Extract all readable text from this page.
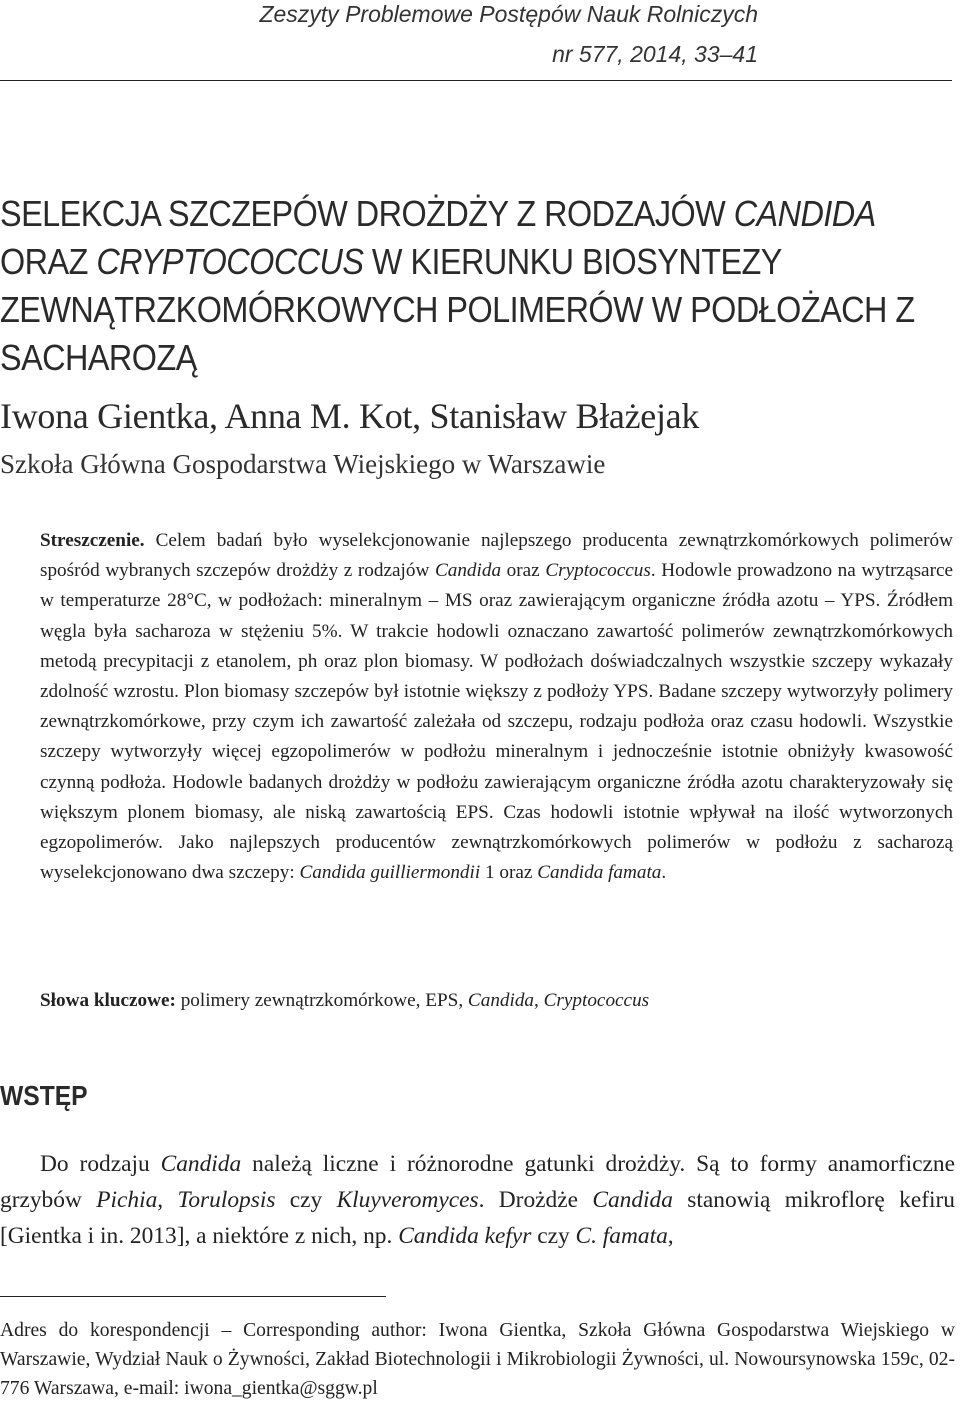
Zeszyty Problemowe Postępów Nauk Rolniczych
nr 577, 2014, 33–41
SELEKCJA SZCZEPÓW DROŻDŻY Z RODZAJÓW CANDIDA
ORAZ CRYPTOCOCCUS W KIERUNKU BIOSYNTEZY ZEWNĄTRZKOMÓRKOWYCH POLIMERÓW W PODŁOŻACH Z SACHAROZĄ
Iwona Gientka, Anna M. Kot, Stanisław Błażejak
Szkoła Główna Gospodarstwa Wiejskiego w Warszawie

Streszczenie. Celem badań było wyselekcjonowanie najlepszego producenta zewnątrzkomórkowych polimerów spośród wybranych szczepów drożdży z rodzajów Candida oraz Cryptococcus. Hodowle prowadzono na wytrząsarce w temperaturze 28°C, w podłożach: mineralnym – MS oraz zawierającym organiczne źródła azotu – YPS. Źródłem węgla była sacharoza w stężeniu 5%. W trakcie hodowli oznaczano zawartość polimerów zewnątrzkomórkowych metodą precypitacji z etanolem, ph oraz plon biomasy. W podłożach doświadczalnych wszystkie szczepy wykazały zdolność wzrostu. Plon biomasy szczepów był istotnie większy z podłoży YPS. Badane szczepy wytworzyły polimery zewnątrzkomórkowe, przy czym ich zawartość zależała od szczepu, rodzaju podłoża oraz czasu hodowli. Wszystkie szczepy wytworzyły więcej egzopolimerów w podłożu mineralnym i jednocześnie istotnie obniżyły kwasowość czynną podłoża. Hodowle badanych drożdży w podłożu zawierającym organiczne źródła azotu charakteryzowały się większym plonem biomasy, ale niską zawartością EPS. Czas hodowli istotnie wpływał na ilość wytworzonych egzopolimerów. Jako najlepszych producentów zewnątrzkomórkowych polimerów w podłożu z sacharozą wyselekcjonowano dwa szczepy: Candida guilliermondii 1 oraz Candida famata.

Słowa kluczowe: polimery zewnątrzkomórkowe, EPS, Candida, Cryptococcus

WSTĘP

Do rodzaju Candida należą liczne i różnorodne gatunki drożdży. Są to formy anamorficzne grzybów Pichia, Torulopsis czy Kluyveromyces. Drożdże Candida stanowią mikroflorę kefiru [Gientka i in. 2013], a niektóre z nich, np. Candida kefyr czy C. famata,

Adres do korespondencji – Corresponding author: Iwona Gientka, Szkoła Główna Gospodarstwa Wiejskiego w Warszawie, Wydział Nauk o Żywności, Zakład Biotechnologii i Mikrobiologii Żywności, ul. Nowoursynowska 159c, 02-776 Warszawa, e-mail: iwona_gientka@sggw.pl
